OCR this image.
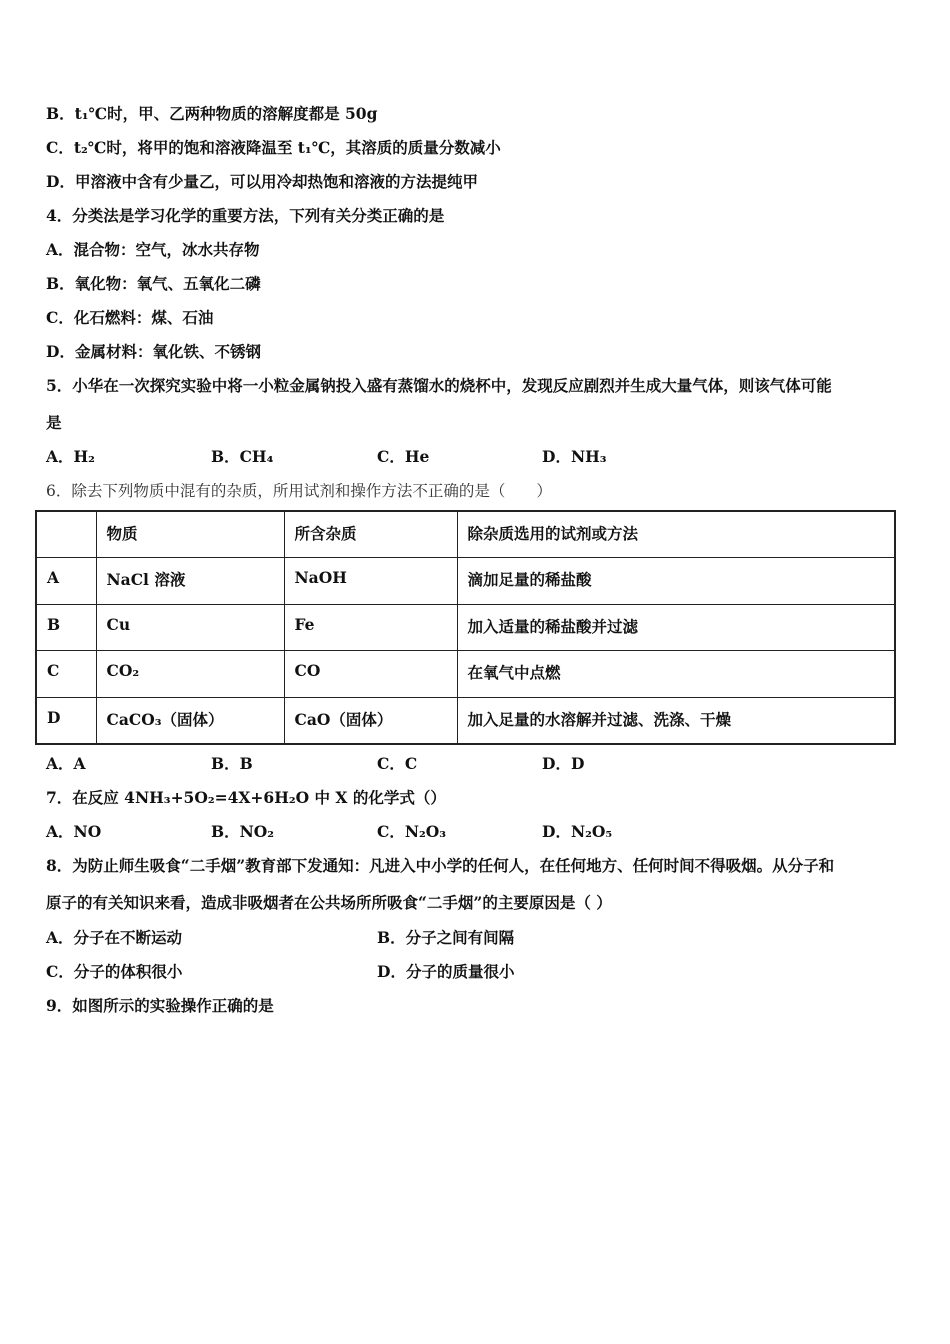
B．t₁℃时，甲、乙两种物质的溶解度都是 50g
C．t₂℃时，将甲的饱和溶液降温至 t₁℃，其溶质的质量分数减小
D．甲溶液中含有少量乙，可以用冷却热饱和溶液的方法提纯甲
4．分类法是学习化学的重要方法，下列有关分类正确的是
A．混合物：空气，冰水共存物
B．氧化物：氧气、五氧化二磷
C．化石燃料：煤、石油
D．金属材料：氧化铁、不锈钢
5．小华在一次探究实验中将一小粒金属钠投入盛有蒸馏水的烧杯中，发现反应剧烈并生成大量气体，则该气体可能
是
A．H₂	B．CH₄	C．He	D．NH₃
6．除去下列物质中混有的杂质，所用试剂和操作方法不正确的是（　　）
	物质	所含杂质	除杂质选用的试剂或方法
A	NaCl 溶液	NaOH	滴加足量的稀盐酸
B	Cu	Fe	加入适量的稀盐酸并过滤
C	CO₂	CO	在氧气中点燃
D	CaCO₃（固体）	CaO（固体）	加入足量的水溶解并过滤、洗涤、干燥
A．A	B．B	C．C	D．D
7．在反应 4NH₃+5O₂=4X+6H₂O 中 X 的化学式（）
A．NO	B．NO₂	C．N₂O₃	D．N₂O₅
8．为防止师生吸食“二手烟”教育部下发通知：凡进入中小学的任何人，在任何地方、任何时间不得吸烟。从分子和
原子的有关知识来看，造成非吸烟者在公共场所所吸食“二手烟”的主要原因是（ ）
A．分子在不断运动	B．分子之间有间隔
C．分子的体积很小	D．分子的质量很小
9．如图所示的实验操作正确的是
